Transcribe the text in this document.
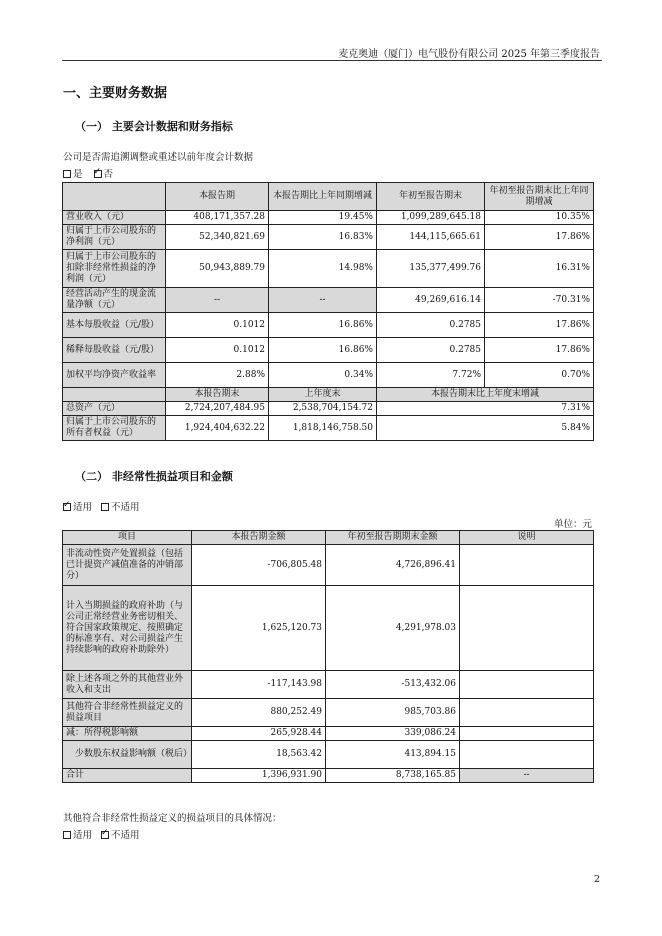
麦克奥迪（厦门）电气股份有限公司 2025 年第三季度报告
一、主要财务数据
（一） 主要会计数据和财务指标
公司是否需追溯调整或重述以前年度会计数据
是 ✓ 否
	本报告期	本报告期比上年同期增减	年初至报告期末	年初至报告期末比上年同期增减
营业收入（元）	408,171,357.28	19.45%	1,099,289,645.18	10.35%
归属于上市公司股东的净利润（元）	52,340,821.69	16.83%	144,115,665.61	17.86%
归属于上市公司股东的扣除非经常性损益的净利润（元）	50,943,889.79	14.98%	135,377,499.76	16.31%
经营活动产生的现金流量净额（元）	--	--	49,269,616.14	-70.31%
基本每股收益（元/股）	0.1012	16.86%	0.2785	17.86%
稀释每股收益（元/股）	0.1012	16.86%	0.2785	17.86%
加权平均净资产收益率	2.88%	0.34%	7.72%	0.70%
	本报告期末	上年度末	本报告期末比上年度末增减	
总资产（元）	2,724,207,484.95	2,538,704,154.72	7.31%	
归属于上市公司股东的所有者权益（元）	1,924,404,632.22	1,818,146,758.50	5.84%	
（二） 非经常性损益项目和金额
✓适用 不适用
单位：元
项目	本报告期金额	年初至报告期期末金额	说明
非流动性资产处置损益（包括已计提资产减值准备的冲销部分）	-706,805.48	4,726,896.41	
计入当期损益的政府补助（与公司正常经营业务密切相关、符合国家政策规定、按照确定的标准享有、对公司损益产生持续影响的政府补助除外）	1,625,120.73	4,291,978.03	
除上述各项之外的其他营业外收入和支出	-117,143.98	-513,432.06	
其他符合非经常性损益定义的损益项目	880,252.49	985,703.86	
减：所得税影响额	265,928.44	339,086.24	
少数股东权益影响额（税后）	18,563.42	413,894.15	
合计	1,396,931.90	8,738,165.85	--
其他符合非经常性损益定义的损益项目的具体情况：
适用 ✓ 不适用
2
